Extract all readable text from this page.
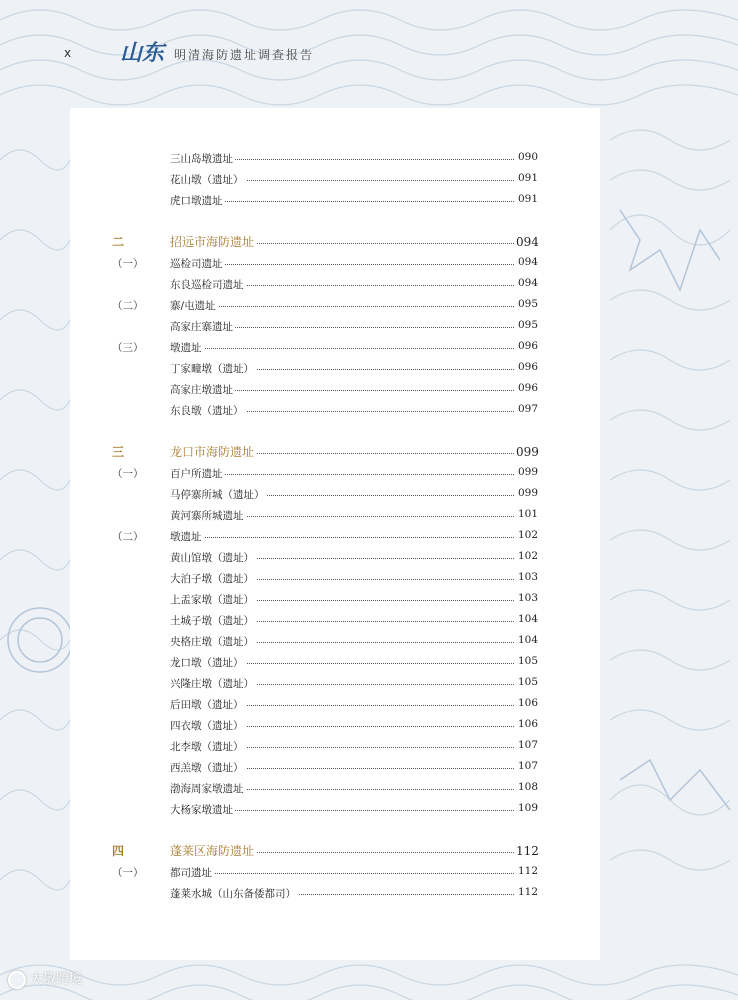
x 山东 明清海防遗址调查报告
三山岛墩遗址	090
花山墩（遗址）	091
虎口墩遗址	091
二	招远市海防遗址	094
（一）	巡检司遗址	094
东良巡检司遗址	094
（二）	寨/屯遗址	095
高家庄寨遗址	095
（三）	墩遗址	096
丁家疃墩（遗址）	096
高家庄墩遗址	096
东良墩（遗址）	097
三	龙口市海防遗址	099
（一）	百户所遗址	099
马停寨所城（遗址）	099
黄河寨所城遗址	101
（二）	墩遗址	102
黄山馆墩（遗址）	102
大泊子墩（遗址）	103
上盂家墩（遗址）	103
土城子墩（遗址）	104
央格庄墩（遗址）	104
龙口墩（遗址）	105
兴隆庄墩（遗址）	105
后田墩（遗址）	106
四衣墩（遗址）	106
北李墩（遗址）	107
西羔墩（遗址）	107
渤海周家墩遗址	108
大杨家墩遗址	109
四	蓬莱区海防遗址	112
（一）	都司遗址	112
蓬莱水城（山东备倭都司）	112
大敬跨境
